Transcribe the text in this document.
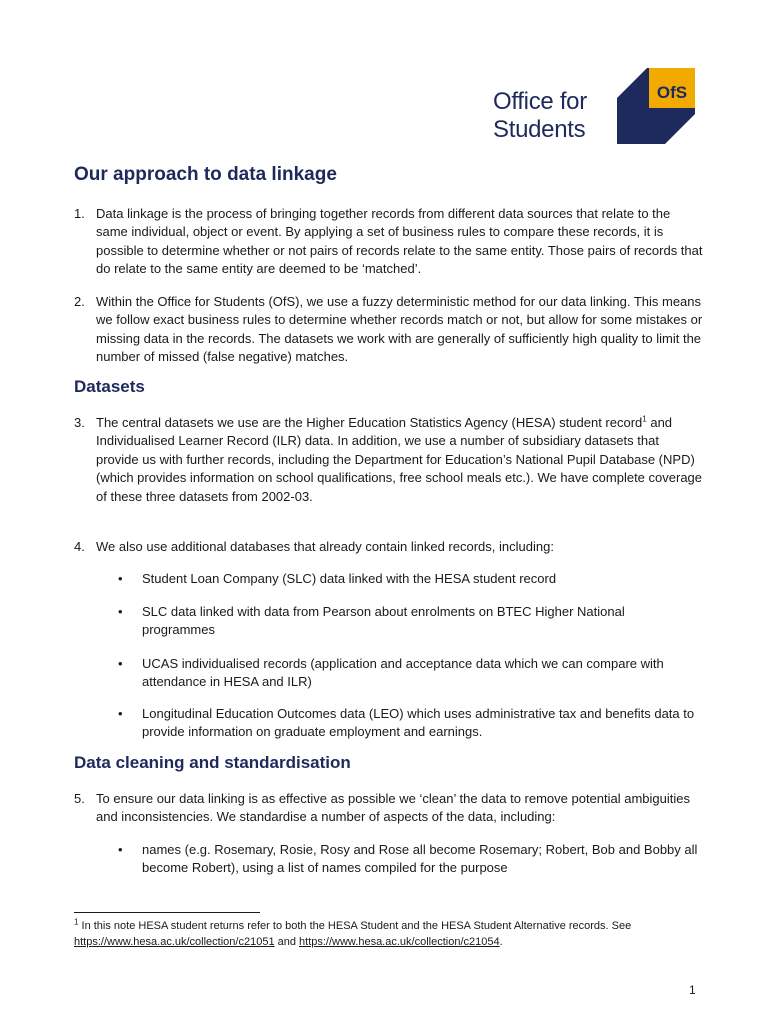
Office for
Students
OfS
Our approach to data linkage
1. Data linkage is the process of bringing together records from different data sources that relate to the same individual, object or event. By applying a set of business rules to compare these records, it is possible to determine whether or not pairs of records relate to the same entity. Those pairs of records that do relate to the same entity are deemed to be ‘matched’.
2. Within the Office for Students (OfS), we use a fuzzy deterministic method for our data linking. This means we follow exact business rules to determine whether records match or not, but allow for some mistakes or missing data in the records. The datasets we work with are generally of sufficiently high quality to limit the number of missed (false negative) matches.
Datasets
3. The central datasets we use are the Higher Education Statistics Agency (HESA) student record$^1$ and Individualised Learner Record (ILR) data. In addition, we use a number of subsidiary datasets that provide us with further records, including the Department for Education’s National Pupil Database (NPD) (which provides information on school qualifications, free school meals etc.). We have complete coverage of these three datasets from 2002-03.
4. We also use additional databases that already contain linked records, including:
• Student Loan Company (SLC) data linked with the HESA student record
• SLC data linked with data from Pearson about enrolments on BTEC Higher National programmes
• UCAS individualised records (application and acceptance data which we can compare with attendance in HESA and ILR)
• Longitudinal Education Outcomes data (LEO) which uses administrative tax and benefits data to provide information on graduate employment and earnings.
Data cleaning and standardisation
5. To ensure our data linking is as effective as possible we ‘clean’ the data to remove potential ambiguities and inconsistencies. We standardise a number of aspects of the data, including:
• names (e.g. Rosemary, Rosie, Rosy and Rose all become Rosemary; Robert, Bob and Bobby all become Robert), using a list of names compiled for the purpose
$^1$ In this note HESA student returns refer to both the HESA Student and the HESA Student Alternative records. See https://www.hesa.ac.uk/collection/c21051 and https://www.hesa.ac.uk/collection/c21054.
1
